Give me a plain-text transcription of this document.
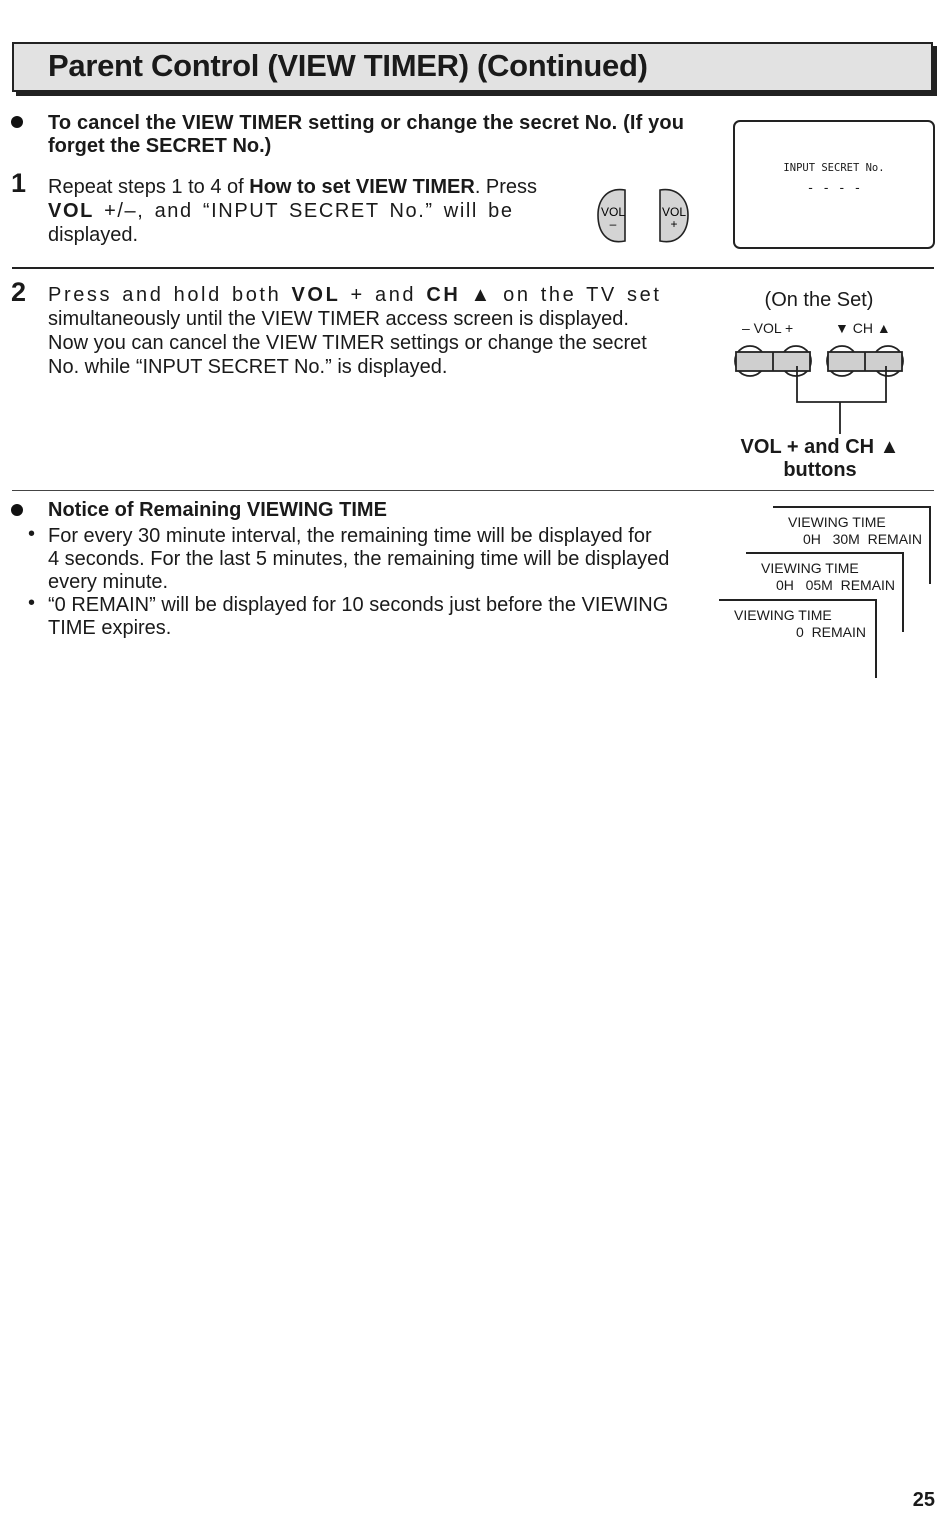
Parent Control (VIEW TIMER) (Continued)
To cancel the VIEW TIMER setting or change the secret No. (If you
forget the SECRET No.)
1 Repeat steps 1 to 4 of How to set VIEW TIMER. Press
VOL +/–, and “INPUT SECRET No.” will be
displayed.
VOL
–
VOL
+
INPUT SECRET No.
- - - -
2 Press and hold both VOL + and CH ▲ on the TV set
simultaneously until the VIEW TIMER access screen is displayed.
Now you can cancel the VIEW TIMER settings or change the secret
No. while “INPUT SECRET No.” is displayed.
(On the Set)
– VOL +	▼ CH ▲
VOL + and CH ▲
buttons
Notice of Remaining VIEWING TIME
• For every 30 minute interval, the remaining time will be displayed for
4 seconds. For the last 5 minutes, the remaining time will be displayed
every minute.
• “0 REMAIN” will be displayed for 10 seconds just before the VIEWING
TIME expires.
VIEWING TIME
0H   30M  REMAIN
VIEWING TIME
0H   05M  REMAIN
VIEWING TIME
0  REMAIN
25
